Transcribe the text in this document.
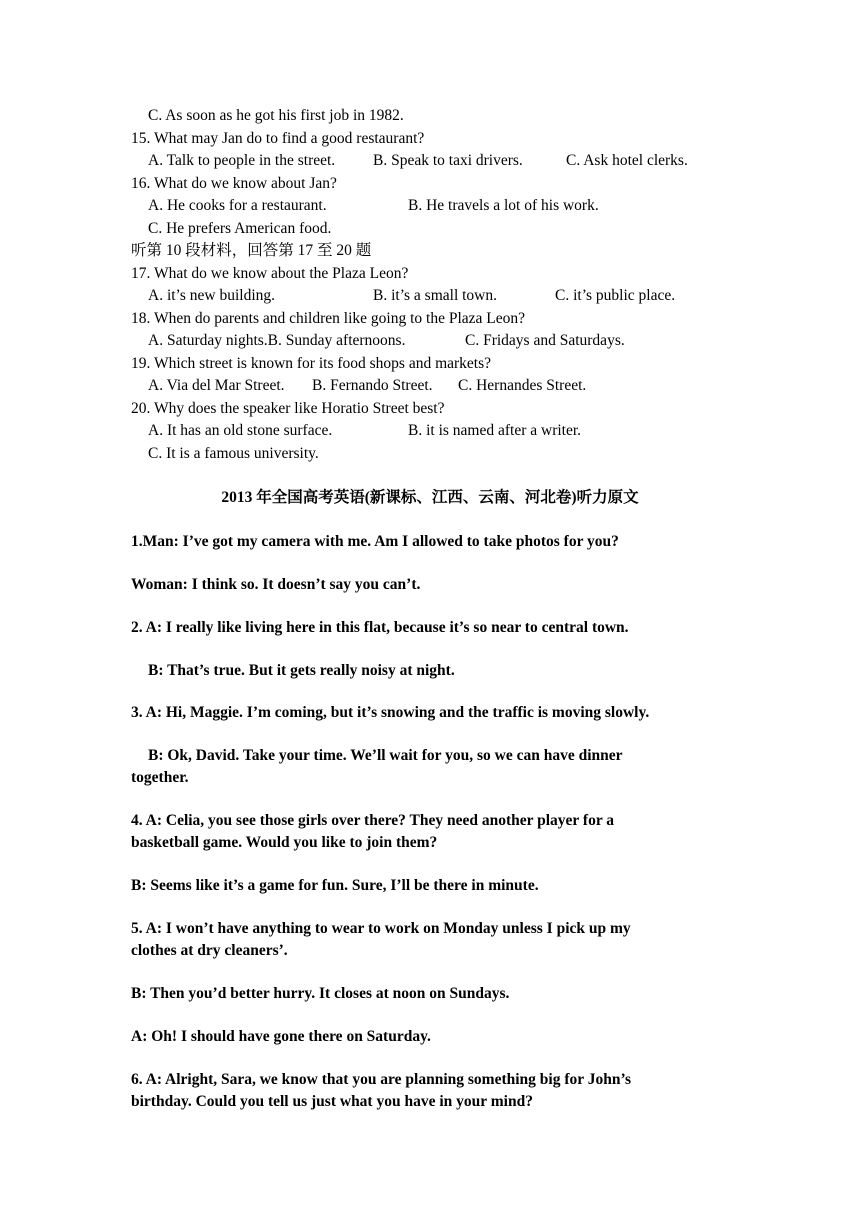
C. As soon as he got his first job in 1982.
15. What may Jan do to find a good restaurant?
A. Talk to people in the street. B. Speak to taxi drivers.	C. Ask hotel clerks.
16. What do we know about Jan?
A. He cooks for a restaurant.	B. He travels a lot of his work.
C. He prefers American food.
听第 10 段材料，回答第 17 至 20 题
17. What do we know about the Plaza Leon?
A. it’s new building.	B. it’s a small town.	C. it’s public place.
18. When do parents and children like going to the Plaza Leon?
A. Saturday nights.B. Sunday afternoons.	C. Fridays and Saturdays.
19. Which street is known for its food shops and markets?
A. Via del Mar Street. B. Fernando Street. C. Hernandes Street.
20. Why does the speaker like Horatio Street best?
A. It has an old stone surface.	B. it is named after a writer.
C. It is a famous university.
2013 年全国高考英语(新课标、江西、云南、河北卷)听力原文
1.Man: I’ve got my camera with me. Am I allowed to take photos for you?
Woman: I think so. It doesn’t say you can’t.
2. A: I really like living here in this flat, because it’s so near to central town.
B: That’s true. But it gets really noisy at night.
3. A: Hi, Maggie. I’m coming, but it’s snowing and the traffic is moving slowly.
B: Ok, David. Take your time. We’ll wait for you, so we can have dinner
together.
4. A: Celia, you see those girls over there? They need another player for a
basketball game. Would you like to join them?
B: Seems like it’s a game for fun. Sure, I’ll be there in minute.
5. A: I won’t have anything to wear to work on Monday unless I pick up my
clothes at dry cleaners’.
B: Then you’d better hurry. It closes at noon on Sundays.
A: Oh! I should have gone there on Saturday.
6. A: Alright, Sara, we know that you are planning something big for John’s
birthday. Could you tell us just what you have in your mind?
